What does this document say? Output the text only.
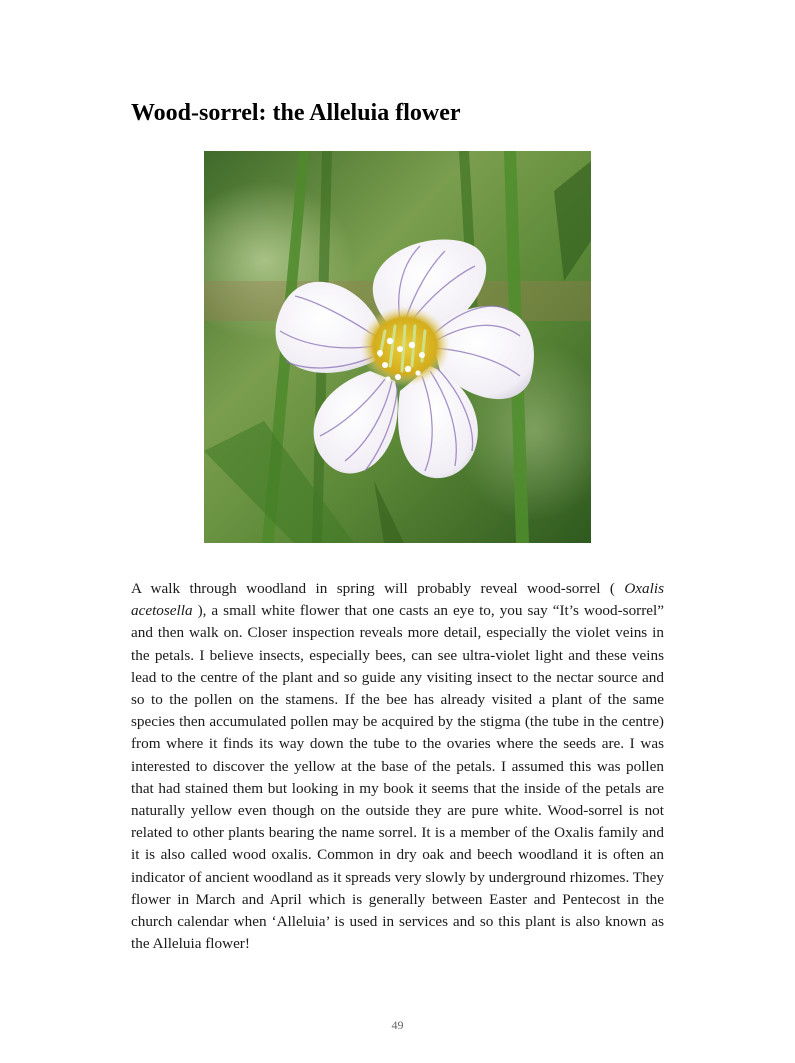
Wood-sorrel: the Alleluia flower

A walk through woodland in spring will probably reveal wood-sorrel ( Oxalis acetosella ), a small white flower that one casts an eye to, you say “It’s wood-sorrel” and then walk on. Closer inspection reveals more detail, especially the violet veins in the petals. I believe insects, especially bees, can see ultra-violet light and these veins lead to the centre of the plant and so guide any visiting insect to the nectar source and so to the pollen on the stamens. If the bee has already visited a plant of the same species then accumulated pollen may be acquired by the stigma (the tube in the centre) from where it finds its way down the tube to the ovaries where the seeds are. I was interested to discover the yellow at the base of the petals. I assumed this was pollen that had stained them but looking in my book it seems that the inside of the petals are naturally yellow even though on the outside they are pure white. Wood-sorrel is not related to other plants bearing the name sorrel. It is a member of the Oxalis family and it is also called wood oxalis. Common in dry oak and beech woodland it is often an indicator of ancient woodland as it spreads very slowly by underground rhizomes. They flower in March and April which is generally between Easter and Pentecost in the church calendar when ‘Alleluia’ is used in services and so this plant is also known as the Alleluia flower!

49
